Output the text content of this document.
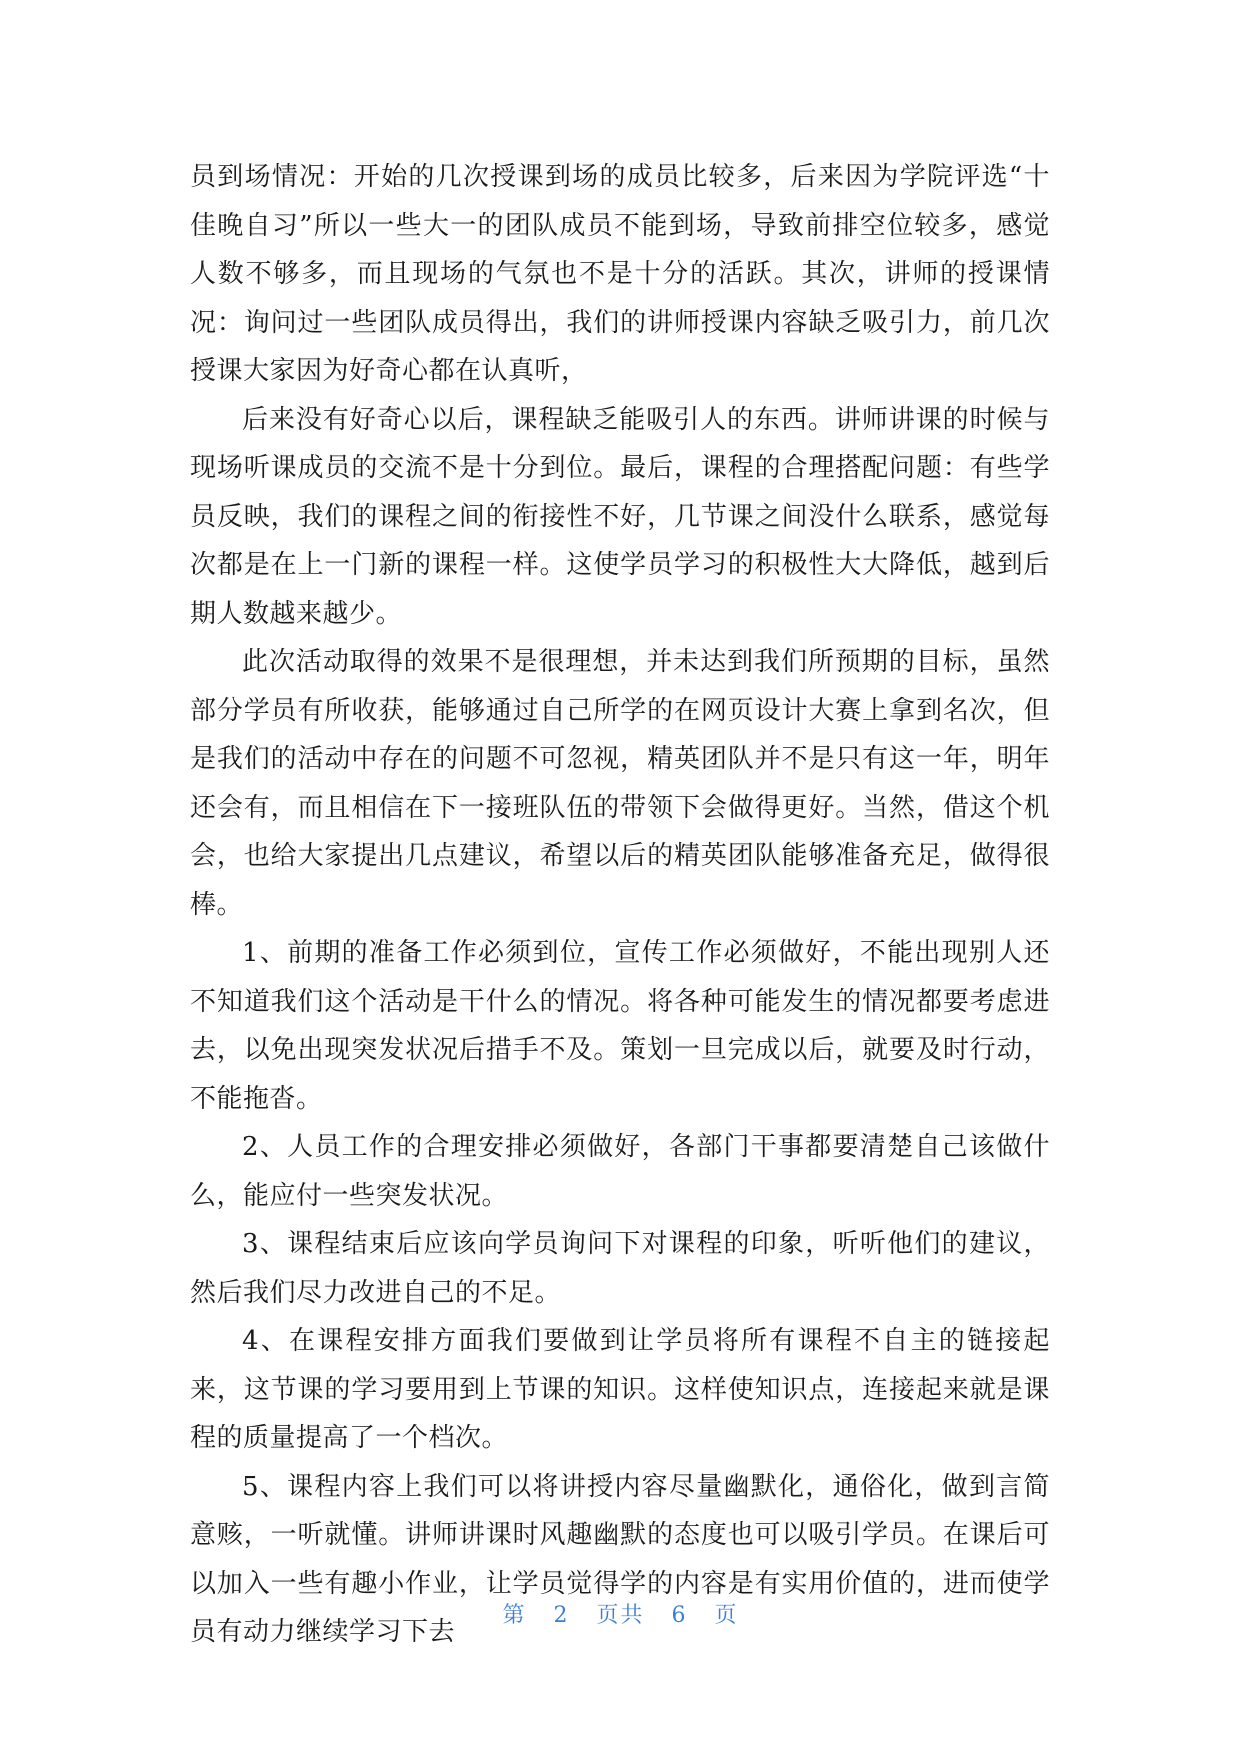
员到场情况：开始的几次授课到场的成员比较多，后来因为学院评选“十佳晚自习”所以一些大一的团队成员不能到场，导致前排空位较多，感觉人数不够多，而且现场的气氛也不是十分的活跃。其次，讲师的授课情况：询问过一些团队成员得出，我们的讲师授课内容缺乏吸引力，前几次授课大家因为好奇心都在认真听，

后来没有好奇心以后，课程缺乏能吸引人的东西。讲师讲课的时候与现场听课成员的交流不是十分到位。最后，课程的合理搭配问题：有些学员反映，我们的课程之间的衔接性不好，几节课之间没什么联系，感觉每次都是在上一门新的课程一样。这使学员学习的积极性大大降低，越到后期人数越来越少。

此次活动取得的效果不是很理想，并未达到我们所预期的目标，虽然部分学员有所收获，能够通过自己所学的在网页设计大赛上拿到名次，但是我们的活动中存在的问题不可忽视，精英团队并不是只有这一年，明年还会有，而且相信在下一接班队伍的带领下会做得更好。当然，借这个机会，也给大家提出几点建议，希望以后的精英团队能够准备充足，做得很棒。

1、前期的准备工作必须到位，宣传工作必须做好，不能出现别人还不知道我们这个活动是干什么的情况。将各种可能发生的情况都要考虑进去，以免出现突发状况后措手不及。策划一旦完成以后，就要及时行动，不能拖沓。

2、人员工作的合理安排必须做好，各部门干事都要清楚自己该做什么，能应付一些突发状况。

3、课程结束后应该向学员询问下对课程的印象，听听他们的建议，然后我们尽力改进自己的不足。

4、在课程安排方面我们要做到让学员将所有课程不自主的链接起来，这节课的学习要用到上节课的知识。这样使知识点，连接起来就是课程的质量提高了一个档次。

5、课程内容上我们可以将讲授内容尽量幽默化，通俗化，做到言简意赅，一听就懂。讲师讲课时风趣幽默的态度也可以吸引学员。在课后可以加入一些有趣小作业，让学员觉得学的内容是有实用价值的，进而使学员有动力继续学习下去

第 2 页共 6 页
